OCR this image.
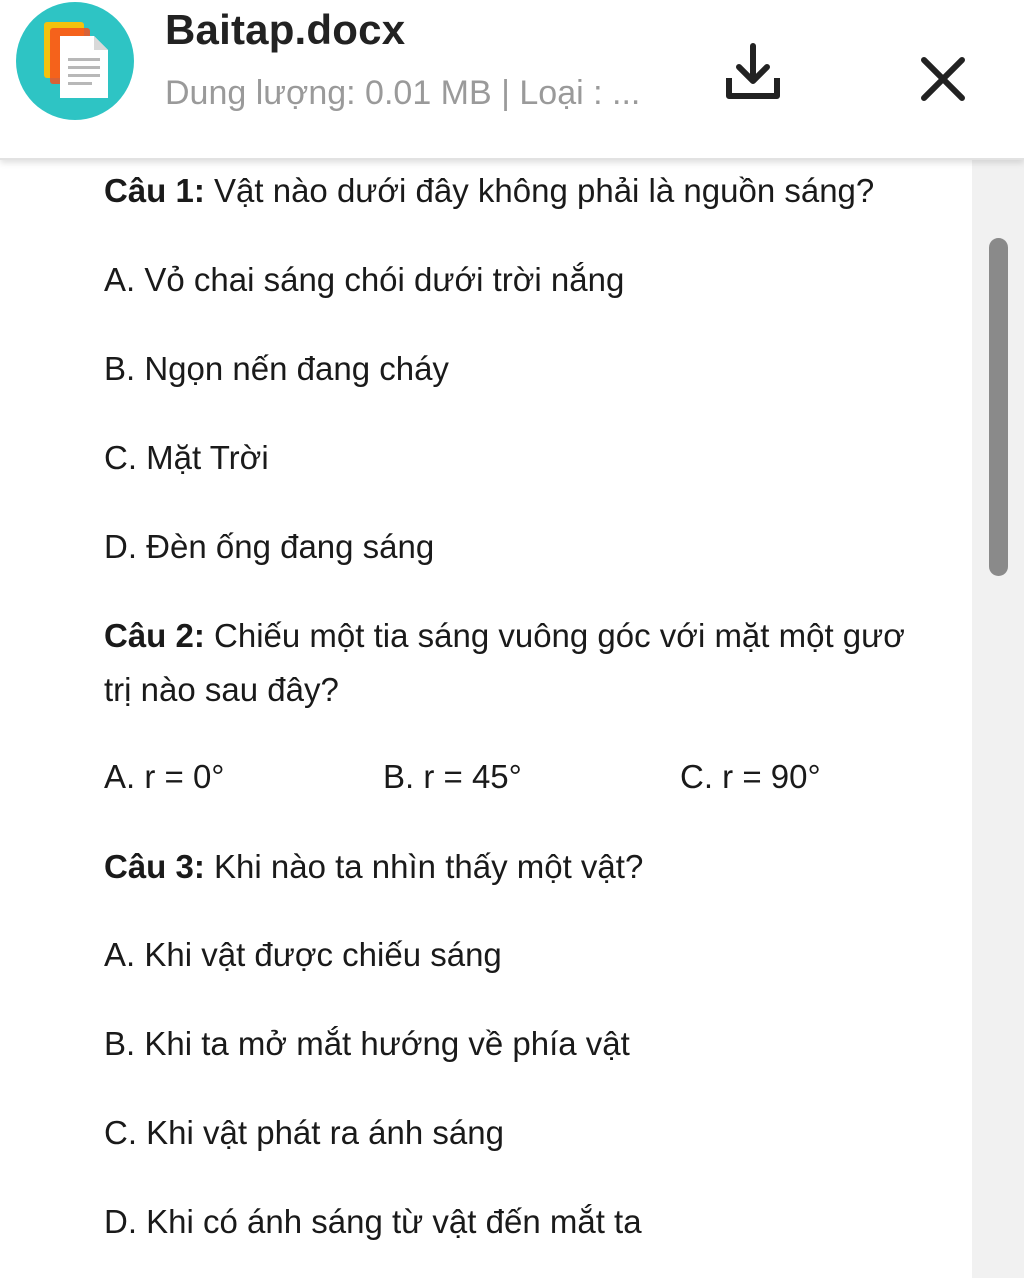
Baitap.docx
Dung lượng: 0.01 MB | Loại : ...
Câu 1: Vật nào dưới đây không phải là nguồn sáng?
A. Vỏ chai sáng chói dưới trời nắng
B. Ngọn nến đang cháy
C. Mặt Trời
D. Đèn ống đang sáng
Câu 2: Chiếu một tia sáng vuông góc với mặt một gươ
trị nào sau đây?
A. r = 0°	B. r = 45°	C. r = 90°
Câu 3: Khi nào ta nhìn thấy một vật?
A. Khi vật được chiếu sáng
B. Khi ta mở mắt hướng về phía vật
C. Khi vật phát ra ánh sáng
D. Khi có ánh sáng từ vật đến mắt ta
